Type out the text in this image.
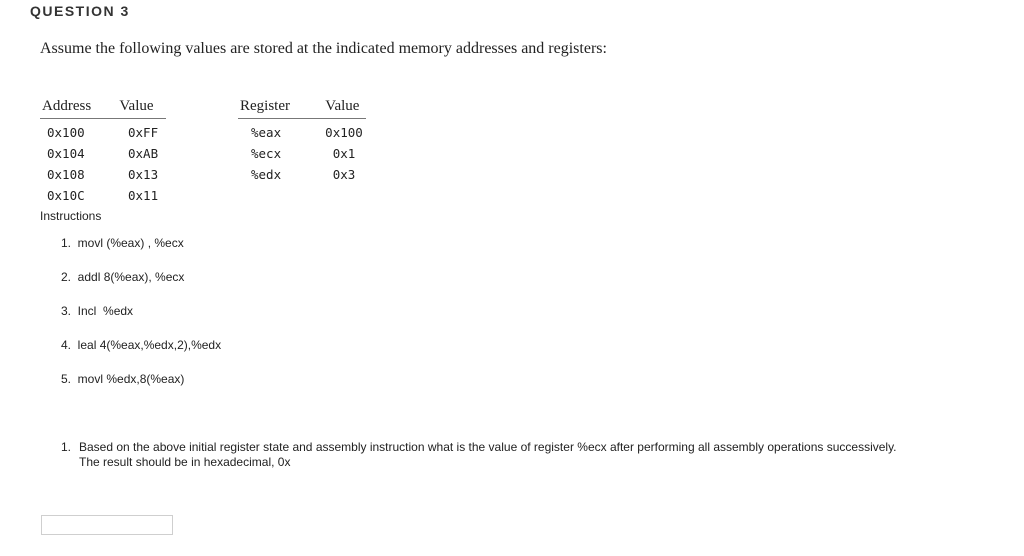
QUESTION 3
Assume the following values are stored at the indicated memory addresses and registers:
Address	Value
0x100	0xFF
0x104	0xAB
0x108	0x13
0x10C	0x11
Register	Value
%eax	0x100
%ecx	0x1
%edx	0x3
Instructions
1.  movl (%eax) , %ecx
2.  addl 8(%eax), %ecx
3.  Incl  %edx
4.  leal 4(%eax,%edx,2),%edx
5.  movl %edx,8(%eax)
1. Based on the above initial register state and assembly instruction what is the value of register %ecx after performing all assembly operations successively.
The result should be in hexadecimal, 0x
